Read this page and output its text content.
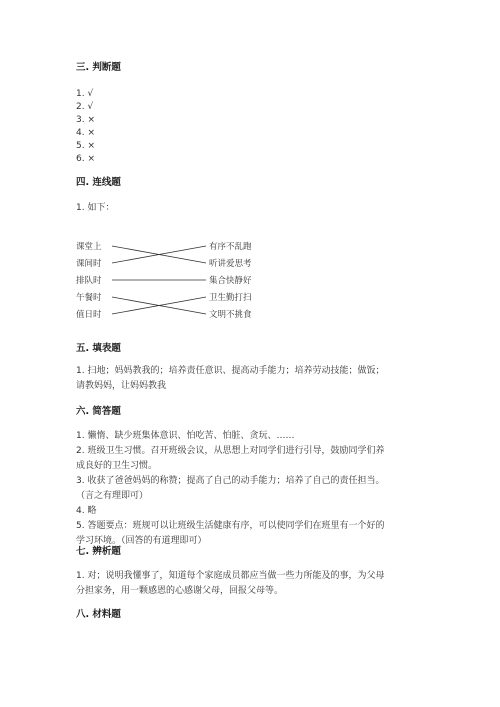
三. 判断题
1. √
2. √
3. ×
4. ×
5. ×
6. ×
四. 连线题
1. 如下：
课堂上
课间时
排队时
午餐时
值日时
有序不乱跑
听讲爱思考
集合快静好
卫生勤打扫
文明不挑食
五. 填表题
1. 扫地；妈妈教我的；培养责任意识、提高动手能力；培养劳动技能；做饭；
请教妈妈，让妈妈教我
六. 简答题
1. 懒惰、缺少班集体意识、怕吃苦、怕脏、贪玩、……
2. 班级卫生习惯。召开班级会议，从思想上对同学们进行引导，鼓励同学们养
成良好的卫生习惯。
3. 收获了爸爸妈妈的称赞；提高了自己的动手能力；培养了自己的责任担当。
（言之有理即可）
4. 略
5. 答题要点：班规可以让班级生活健康有序，可以使同学们在班里有一个好的
学习环境。（回答的有道理即可）
七. 辨析题
1. 对；说明我懂事了，知道每个家庭成员都应当做一些力所能及的事，为父母
分担家务，用一颗感恩的心感谢父母，回报父母等。
八. 材料题
